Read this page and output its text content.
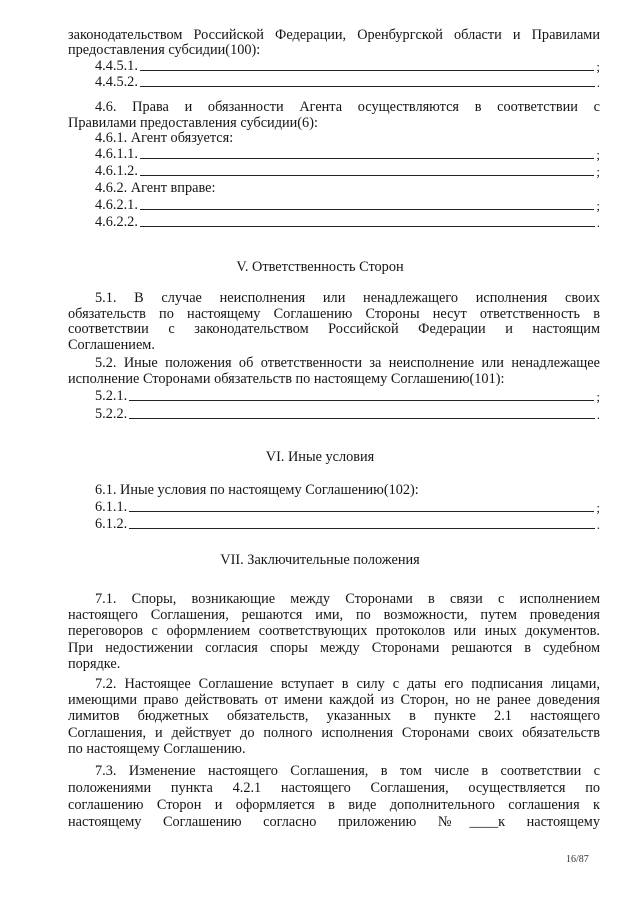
законодательством Российской Федерации, Оренбургской области и Правилами
предоставления субсидии(100):
4.4.5.1.	;
4.4.5.2.	.
4.6. Права и обязанности Агента осуществляются в соответствии с
Правилами предоставления субсидии(6):
4.6.1. Агент обязуется:
4.6.1.1.	;
4.6.1.2.	;
4.6.2. Агент вправе:
4.6.2.1.	;
4.6.2.2.	.
V. Ответственность Сторон
5.1. В случае неисполнения или ненадлежащего исполнения своих
обязательств по настоящему Соглашению Стороны несут ответственность в
соответствии с законодательством Российской Федерации и настоящим
Соглашением.
5.2. Иные положения об ответственности за неисполнение или ненадлежащее
исполнение Сторонами обязательств по настоящему Соглашению(101):
5.2.1.	;
5.2.2.	.
VI. Иные условия
6.1. Иные условия по настоящему Соглашению(102):
6.1.1.	;
6.1.2.	.
VII. Заключительные положения
7.1. Споры, возникающие между Сторонами в связи с исполнением
настоящего Соглашения, решаются ими, по возможности, путем проведения
переговоров с оформлением соответствующих протоколов или иных документов.
При недостижении согласия споры между Сторонами решаются в судебном
порядке.
7.2. Настоящее Соглашение вступает в силу с даты его подписания лицами,
имеющими право действовать от имени каждой из Сторон, но не ранее доведения
лимитов бюджетных обязательств, указанных в пункте 2.1 настоящего
Соглашения, и действует до полного исполнения Сторонами своих обязательств
по настоящему Соглашению.
7.3. Изменение настоящего Соглашения, в том числе в соответствии с
положениями пункта 4.2.1 настоящего Соглашения, осуществляется по
соглашению Сторон и оформляется в виде дополнительного соглашения к
настоящему Соглашению согласно приложению №____к настоящему
16/87
